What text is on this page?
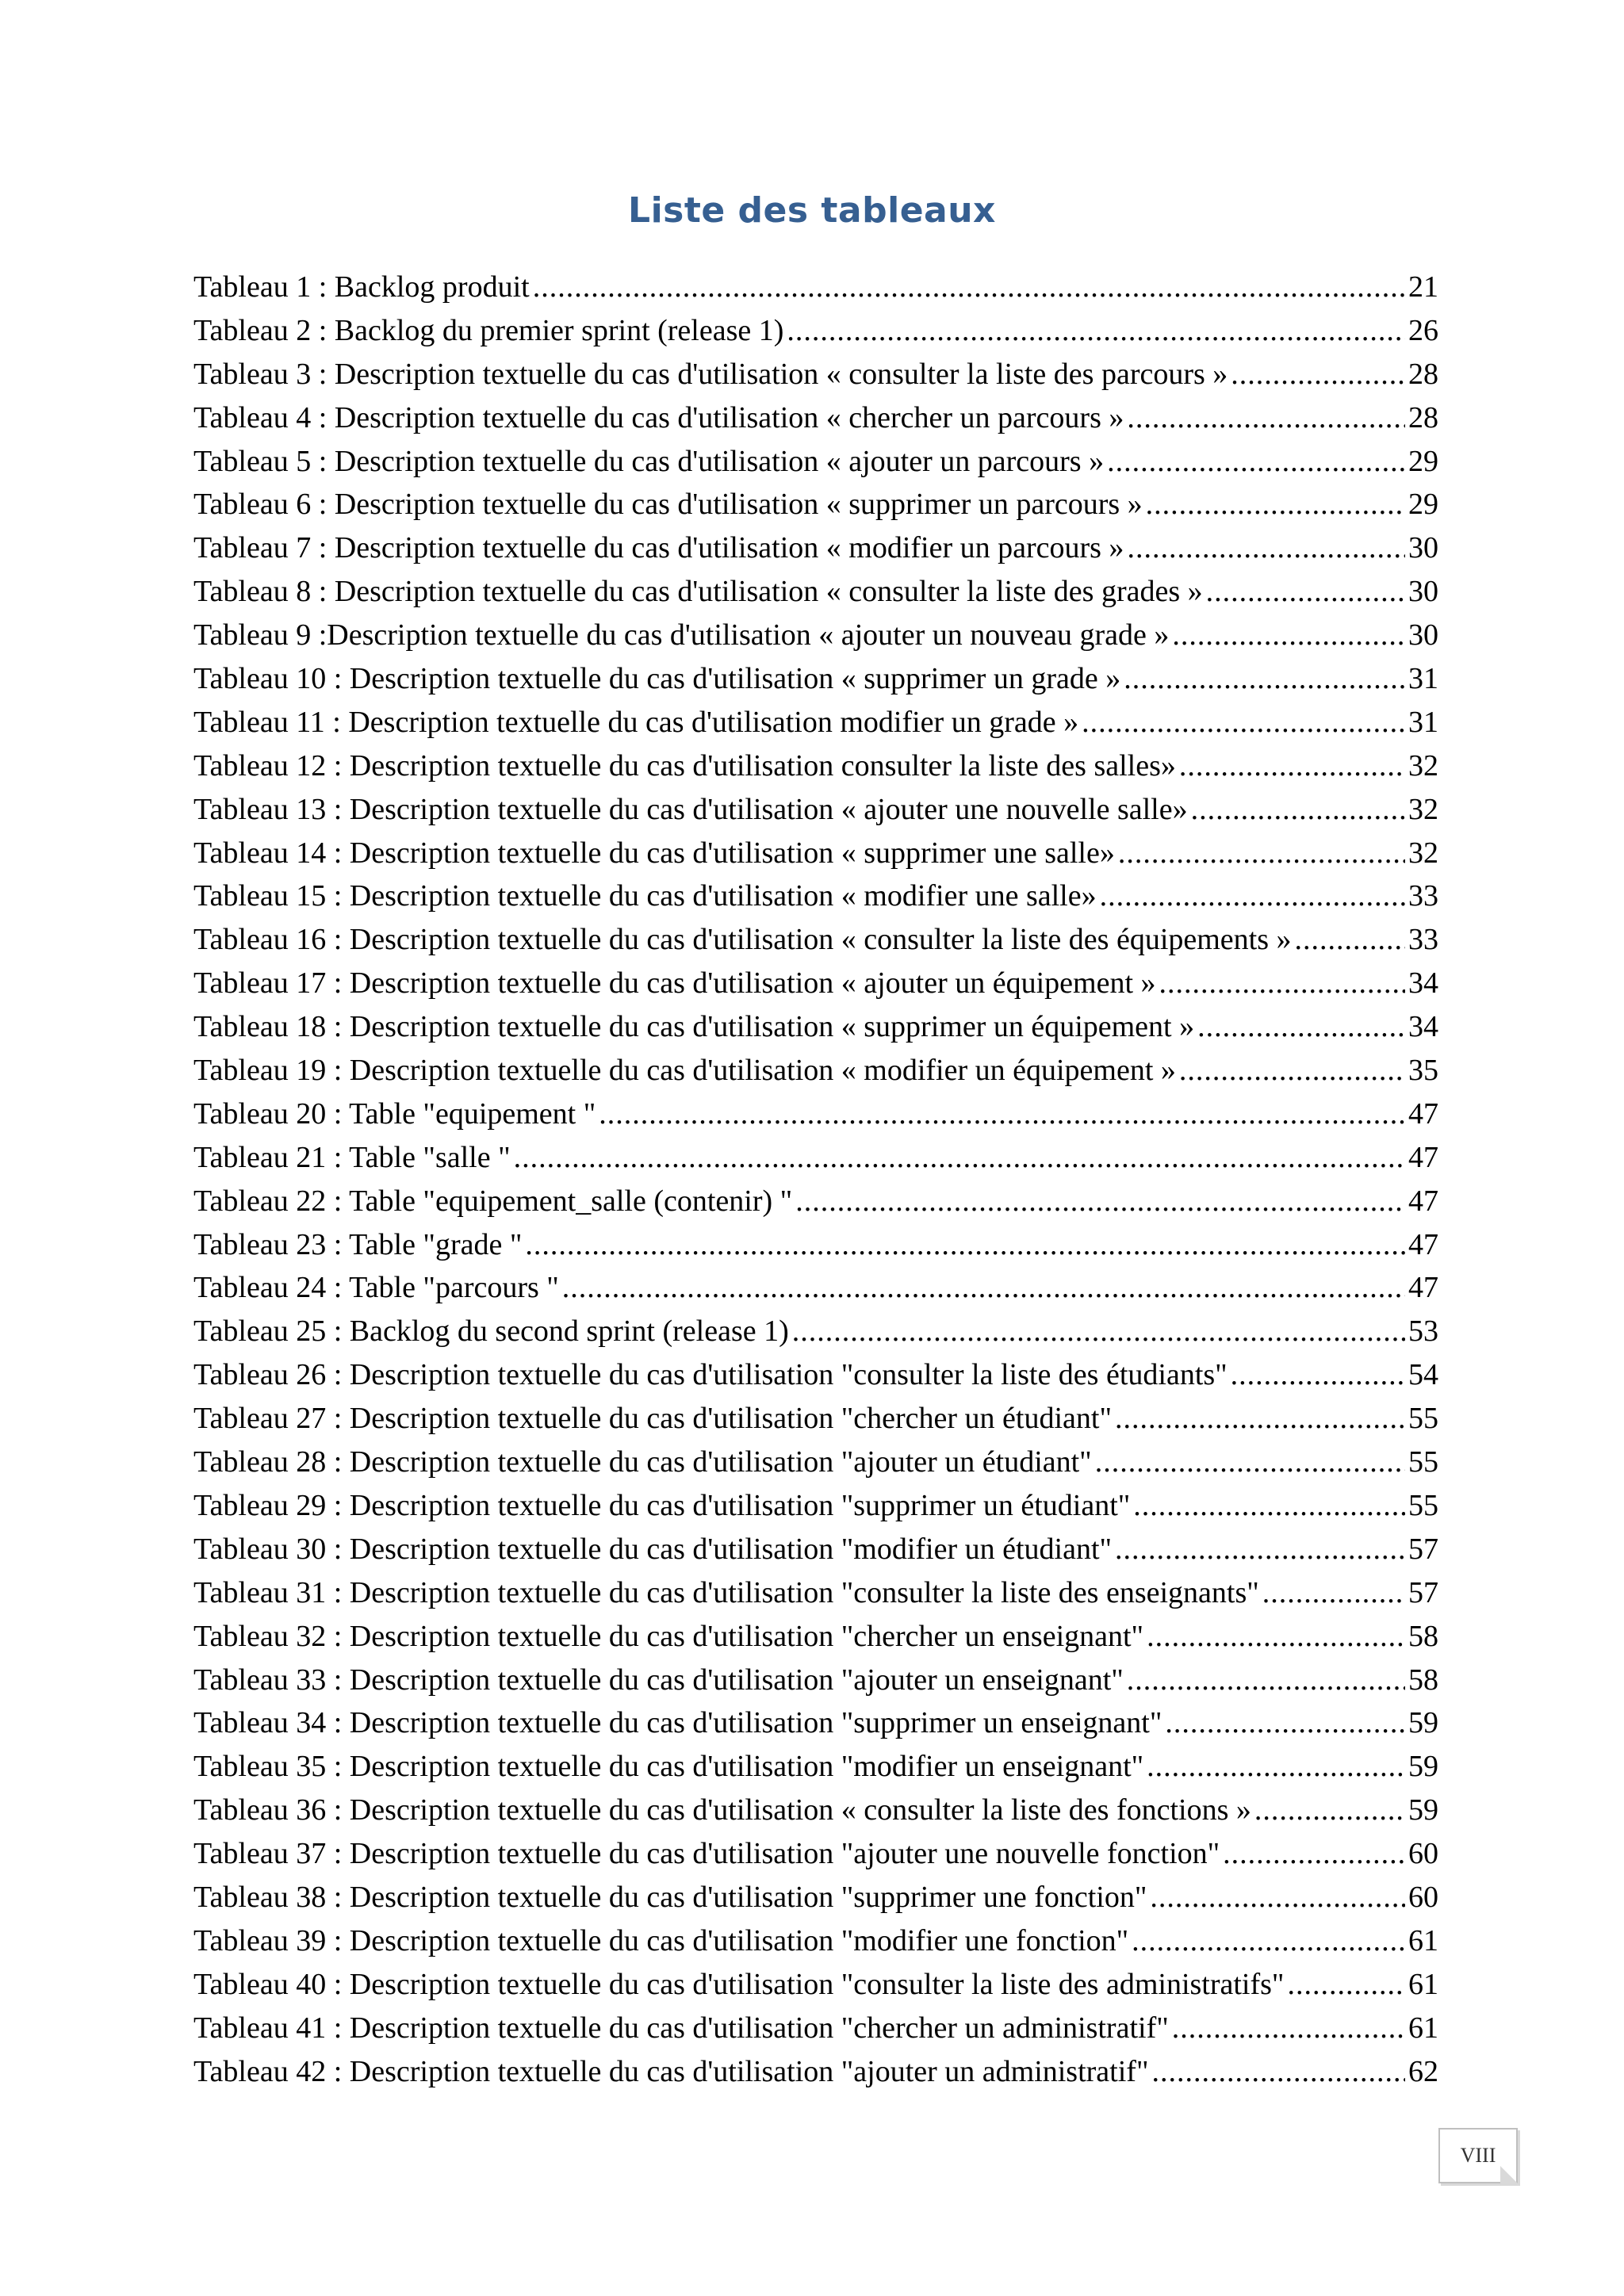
Liste des tableaux
Tableau 1 : Backlog produit .....	21
Tableau 2 : Backlog du premier sprint (release 1) .....	26
Tableau 3 : Description textuelle du cas d'utilisation « consulter la liste des parcours » .....	28
Tableau 4 : Description textuelle du cas d'utilisation « chercher un parcours » .....	28
Tableau 5 : Description textuelle du cas d'utilisation « ajouter un parcours » .....	29
Tableau 6 : Description textuelle du cas d'utilisation « supprimer un parcours » .....	29
Tableau 7 : Description textuelle du cas d'utilisation « modifier un parcours » .....	30
Tableau 8 : Description textuelle du cas d'utilisation « consulter la liste des grades » .....	30
Tableau 9 :Description textuelle du cas d'utilisation « ajouter un nouveau grade » .....	30
Tableau 10 : Description textuelle du cas d'utilisation « supprimer un grade » .....	31
Tableau 11 : Description textuelle du cas d'utilisation modifier un grade » .....	31
Tableau 12 : Description textuelle du cas d'utilisation consulter la liste des salles» .....	32
Tableau 13 : Description textuelle du cas d'utilisation « ajouter une nouvelle salle» .....	32
Tableau 14 : Description textuelle du cas d'utilisation « supprimer une salle» .....	32
Tableau 15 : Description textuelle du cas d'utilisation « modifier une salle» .....	33
Tableau 16 : Description textuelle du cas d'utilisation « consulter la liste des équipements » .....	33
Tableau 17 : Description textuelle du cas d'utilisation « ajouter un équipement » .....	34
Tableau 18 : Description textuelle du cas d'utilisation « supprimer un équipement » .....	34
Tableau 19 : Description textuelle du cas d'utilisation « modifier un équipement » .....	35
Tableau 20 : Table "equipement " .....	47
Tableau 21 : Table "salle " .....	47
Tableau 22 : Table "equipement_salle (contenir) " .....	47
Tableau 23 : Table "grade " .....	47
Tableau 24 : Table "parcours " .....	47
Tableau 25 : Backlog du second sprint (release 1) .....	53
Tableau 26 : Description textuelle du cas d'utilisation "consulter la liste des étudiants" .....	54
Tableau 27 : Description textuelle du cas d'utilisation "chercher un étudiant" .....	55
Tableau 28 : Description textuelle du cas d'utilisation "ajouter un étudiant" .....	55
Tableau 29 : Description textuelle du cas d'utilisation "supprimer un étudiant" .....	55
Tableau 30 : Description textuelle du cas d'utilisation "modifier un étudiant" .....	57
Tableau 31 : Description textuelle du cas d'utilisation "consulter la liste des enseignants" .....	57
Tableau 32 : Description textuelle du cas d'utilisation "chercher un enseignant" .....	58
Tableau 33 : Description textuelle du cas d'utilisation "ajouter un enseignant" .....	58
Tableau 34 : Description textuelle du cas d'utilisation "supprimer un enseignant" .....	59
Tableau 35 : Description textuelle du cas d'utilisation "modifier un enseignant" .....	59
Tableau 36 : Description textuelle du cas d'utilisation « consulter la liste des fonctions » .....	59
Tableau 37 : Description textuelle du cas d'utilisation "ajouter une nouvelle fonction" .....	60
Tableau 38 : Description textuelle du cas d'utilisation "supprimer une fonction" .....	60
Tableau 39 : Description textuelle du cas d'utilisation "modifier une fonction" .....	61
Tableau 40 : Description textuelle du cas d'utilisation "consulter la liste des administratifs" .....	61
Tableau 41 : Description textuelle du cas d'utilisation "chercher un administratif" .....	61
Tableau 42 : Description textuelle du cas d'utilisation "ajouter un administratif" .....	62
VIII
